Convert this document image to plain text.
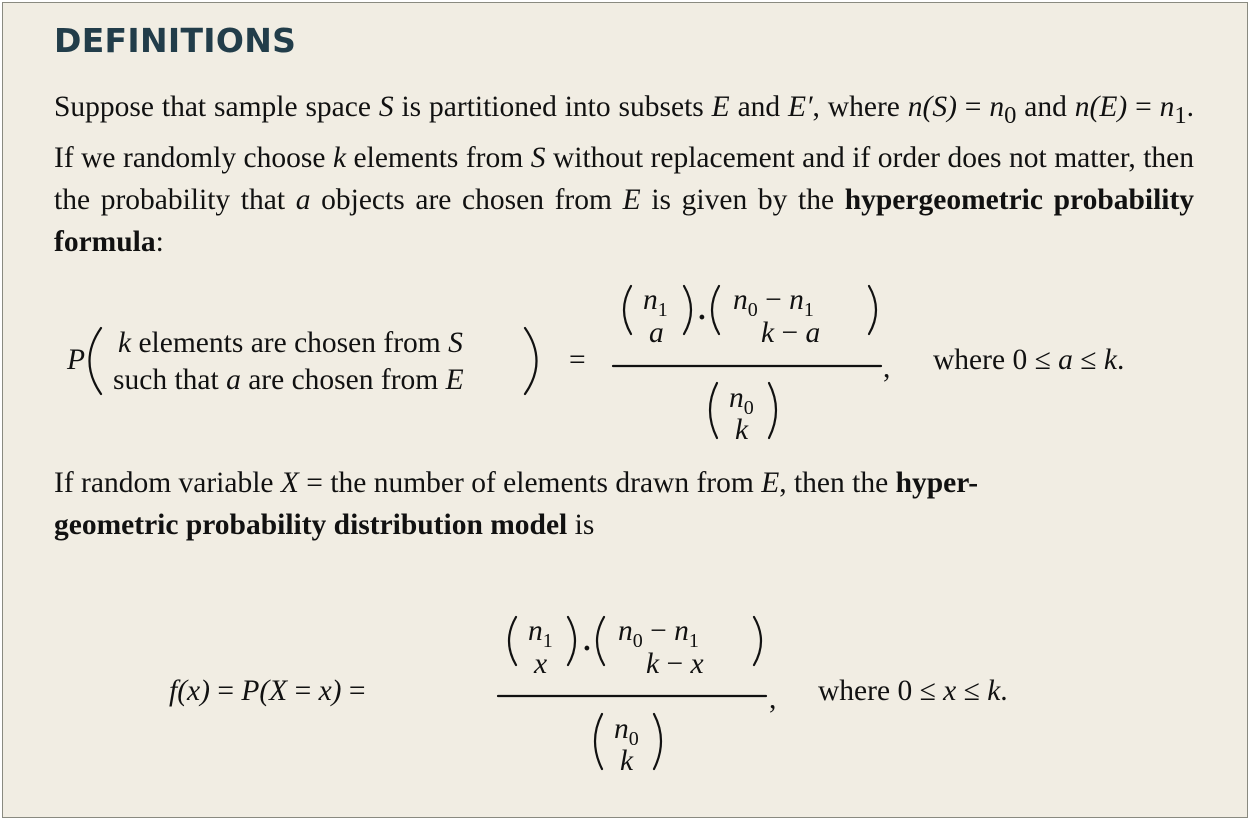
DEFINITIONS

Suppose that sample space S is partitioned into subsets E and E′, where $n(S) = n_0$ and $n(E) = n_1$. If we randomly choose k elements from S without replacement and if order does not matter, then the probability that a objects are chosen from E is given by the hypergeometric probability formula:

P
k elements are chosen from S
such that a are chosen from E
=
$n_1$
a ·
$n_0 - n_1$
k − a
$n_0$
k
, where 0 ≤ a ≤ k.

If random variable X = the number of elements drawn from E, then the hyper-
geometric probability distribution model is

f(x) = P(X = x) =
$n_1$
x ·
$n_0 - n_1$
k − x
$n_0$
k
, where 0 ≤ x ≤ k.
